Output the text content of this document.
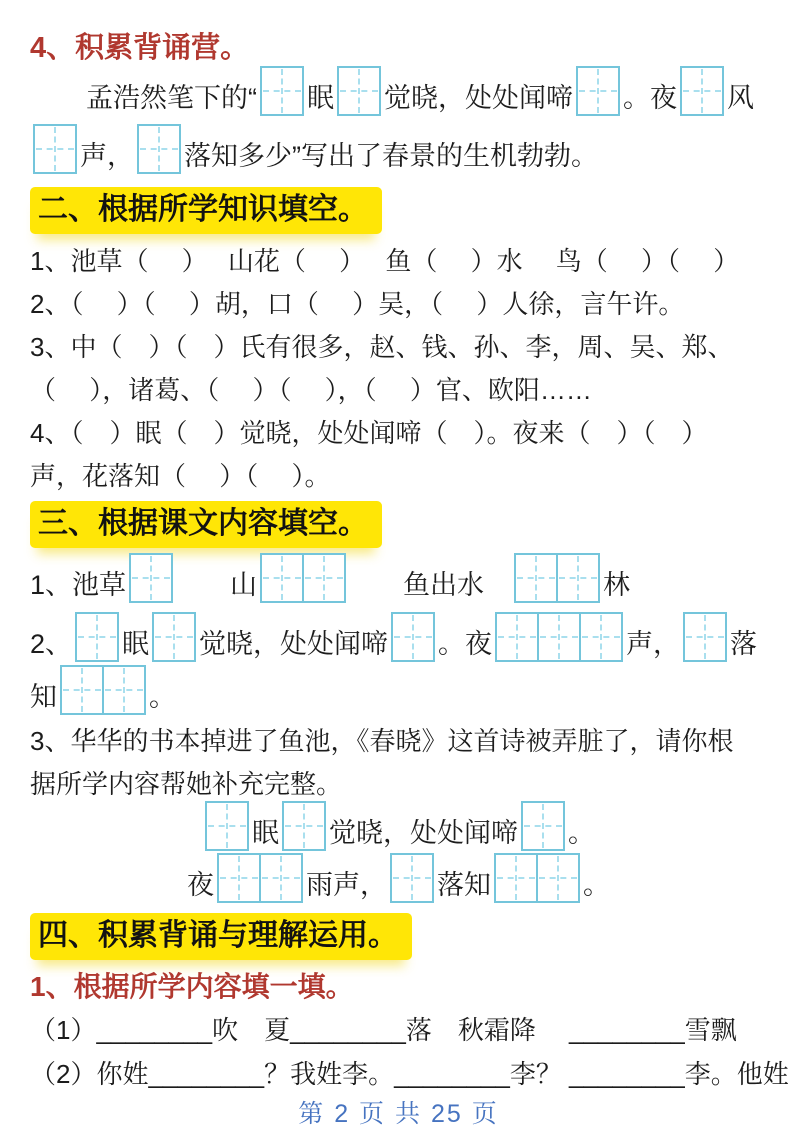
4、积累背诵营。
孟浩然笔下的“ 眠 觉晓，处处闻啼 。夜 风
声， 落知多少”写出了春景的生机勃勃。
二、根据所学知识填空。
1、池草（　 ）　 山花（　 ）　 鱼（　 ）水　 鸟（　 ）（　 ）
2、（　 ）（　 ）胡，口（　 ）吴，（　 ）人徐，言午许。
3、中（　）（　）氏有很多，赵、钱、孙、李，周、吴、郑、
（　 ），诸葛、（　 ）（　 ），（　 ）官、欧阳……
4、（　）眠（　）觉晓，处处闻啼（　）。夜来（　）（　）
声，花落知（　 ）（　 ）。
三、根据课文内容填空。
1、池草 　　山	　　鱼出水　	林
2、 眠 觉晓，处处闻啼 。夜	声， 落
知	。
3、华华的书本掉进了鱼池，《春晓》这首诗被弄脏了，请你根
据所学内容帮她补充完整。
眠 觉晓，处处闻啼 。
夜	雨声， 落知	。
四、积累背诵与理解运用。
1、根据所学内容填一填。
（1）________吹　夏________落　秋霜降　 ________雪飘
（2）你姓________？我姓李。________李？ ________李。他姓
第 2 页 共 25 页
